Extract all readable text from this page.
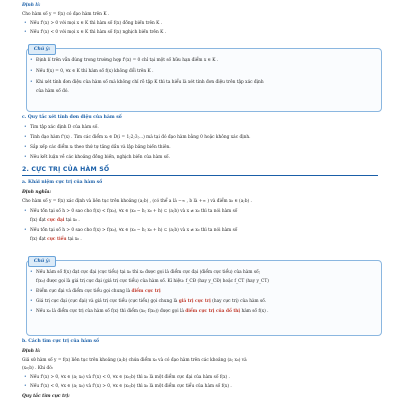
Định lí:
Cho hàm số y = f(x) có đạo hàm trên K .
• Nếu f'(x) > 0 với mọi x ∈ K thì hàm số f(x) đồng biến trên K .
• Nếu f'(x) < 0 với mọi x ∈ K thì hàm số f(x) nghịch biến trên K .
Chú ý:
• Định lí trên vẫn đúng trong trường hợp f'(x) = 0 chỉ tại một số hữu hạn điểm x ∈ K .
• Nếu f(x) = 0, ∀x ∈ K thì hàm số f(x) không đổi trên K .
• Khi xét tính đơn điệu của hàm số mà không chỉ rõ tập K thì ta hiểu là xét tính đơn điệu trên tập xác định
của hàm số đó.
c. Quy tắc xét tính đơn điệu của hàm số
• Tìm tập xác định D của hàm số.
• Tính đạo hàm f'(x) . Tìm các điểm xᵢ ∈ D(i = 1;2;3;...) mà tại đó đạo hàm bằng 0 hoặc không xác định.
• Sắp xếp các điểm xᵢ theo thứ tự tăng dần và lập bảng biến thiên.
• Nêu kết luận về các khoảng đồng biến, nghịch biến của hàm số.
2. CỰC TRỊ CỦA HÀM SỐ
a. Khái niệm cực trị của hàm số
Định nghĩa:
Cho hàm số y = f(x) xác định và liên tục trên khoảng (a;b) , (có thể a là −∞ , b là +∞ ) và điểm x₀ ∈ (a;b) .
• Nếu tồn tại số h > 0 sao cho f(x) < f(x₀), ∀x ∈ (x₀ − h; x₀ + h) ⊂ (a;b) và x ≠ x₀ thì ta nói hàm số
f(x) đạt cực đại tại x₀ .
• Nếu tồn tại số h > 0 sao cho f(x) > f(x₀), ∀x ∈ (x₀ − h; x₀ + h) ⊂ (a;b) và x ≠ x₀ thì ta nói hàm số
f(x) đạt cực tiểu tại x₀ .
Chú ý:
• Nếu hàm số f(x) đạt cực đại (cực tiểu) tại x₀ thì x₀ được gọi là điểm cực đại (điểm cực tiểu) của hàm số;
f(x₀) được gọi là giá trị cực đại (giá trị cực tiểu) của hàm số. Kí hiệu: f_CĐ (hay y_CĐ) hoặc f_CT (hay y_CT)
• Điểm cực đại và điểm cực tiểu gọi chung là điểm cực trị
• Giá trị cực đại (cực đại) và giá trị cực tiểu (cực tiểu) gọi chung là giá trị cực trị (hay cực trị) của hàm số.
• Nếu x₀ là điểm cực trị của hàm số f(x) thì điểm (x₀; f(x₀)) được gọi là điểm cực trị của đồ thị hàm số f(x) .
b. Cách tìm cực trị của hàm số
Định lí:
Giả sử hàm số y = f(x) liên tục trên khoảng (a;b) chứa điểm x₀ và có đạo hàm trên các khoảng (a; x₀) và
(x₀;b) . Khi đó:
• Nếu f'(x) > 0, ∀x ∈ (a; x₀) và f'(x) < 0, ∀x ∈ (x₀;b) thì x₀ là một điểm cực đại của hàm số f(x) .
• Nếu f'(x) < 0, ∀x ∈ (a; x₀) và f'(x) > 0, ∀x ∈ (x₀;b) thì x₀ là một điểm cực tiểu của hàm số f(x) .
Quy tắc tìm cực trị:
